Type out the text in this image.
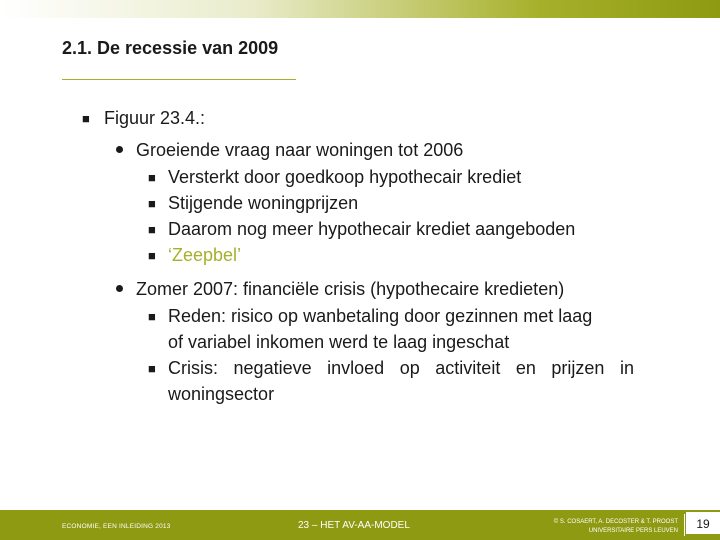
2.1. De recessie van 2009
■ Figuur 23.4.:
Groeiende vraag naar woningen tot 2006
■ Versterkt door goedkoop hypothecair krediet
■ Stijgende woningprijzen
■ Daarom nog meer hypothecair krediet aangeboden
■ ‘Zeepbel’
Zomer 2007: financiële crisis (hypothecaire kredieten)
■ Reden: risico op wanbetaling door gezinnen met laag
of variabel inkomen werd te laag ingeschat
■ Crisis: negatieve invloed op activiteit en prijzen in
woningsector
ECONOMIE, EEN INLEIDING 2013	23 – HET AV-AA-MODEL	© S. COSAERT, A. DECOSTER & T. PROOST
UNIVERSITAIRE PERS LEUVEN	19
